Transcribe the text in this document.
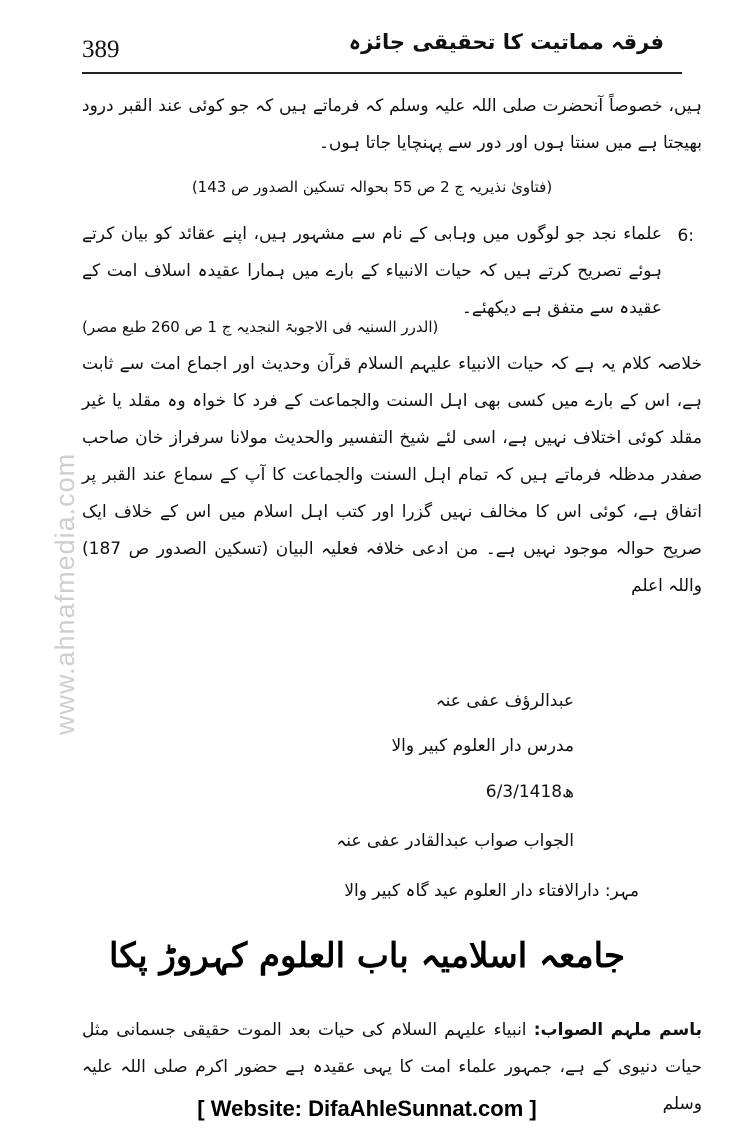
389	فرقہ مماتیت کا تحقیقی جائزہ
www.ahnafmedia.com
ہیں، خصوصاً آنحضرت صلی اللہ علیہ وسلم کہ فرماتے ہیں کہ جو کوئی عند القبر درود بھیجتا ہے میں سنتا ہوں اور دور سے پہنچایا جاتا ہوں۔
(فتاویٰ نذیریہ ج 2 ص 55 بحوالہ تسکین الصدور ص 143)
6:
علماء نجد جو لوگوں میں وہابی کے نام سے مشہور ہیں، اپنے عقائد کو بیان کرتے ہوئے تصریح کرتے ہیں کہ حیات الانبیاء کے بارے میں ہمارا عقیدہ اسلاف امت کے عقیدہ سے متفق ہے دیکھئے۔
(الدرر السنیہ فی الاجوبۃ النجدیہ ج 1 ص 260 طبع مصر)
خلاصہ کلام یہ ہے کہ حیات الانبیاء علیہم السلام قرآن وحدیث اور اجماع امت سے ثابت ہے، اس کے بارے میں کسی بھی اہل السنت والجماعت کے فرد کا خواہ وہ مقلد یا غیر مقلد کوئی اختلاف نہیں ہے، اسی لئے شیخ التفسیر والحدیث مولانا سرفراز خان صاحب صفدر مدظلہ فرماتے ہیں کہ تمام اہل السنت والجماعت کا آپ کے سماع عند القبر پر اتفاق ہے، کوئی اس کا مخالف نہیں گزرا اور کتب اہل اسلام میں اس کے خلاف ایک صریح حوالہ موجود نہیں ہے۔ من ادعی خلافہ فعلیہ البیان (تسکین الصدور ص 187) واللہ اعلم
عبدالرؤف عفی عنہ
مدرس دار العلوم کبیر والا
6/3/1418ھ
الجواب صواب عبدالقادر عفی عنہ
مہر: دارالافتاء دار العلوم عید گاہ کبیر والا
جامعہ اسلامیہ باب العلوم کہروڑ پکا
باسم ملہم الصواب: انبیاء علیہم السلام کی حیات بعد الموت حقیقی جسمانی مثل حیات دنیوی کے ہے، جمہور علماء امت کا یہی عقیدہ ہے حضور اکرم صلی اللہ علیہ وسلم
[ Website: DifaAhleSunnat.com ]
